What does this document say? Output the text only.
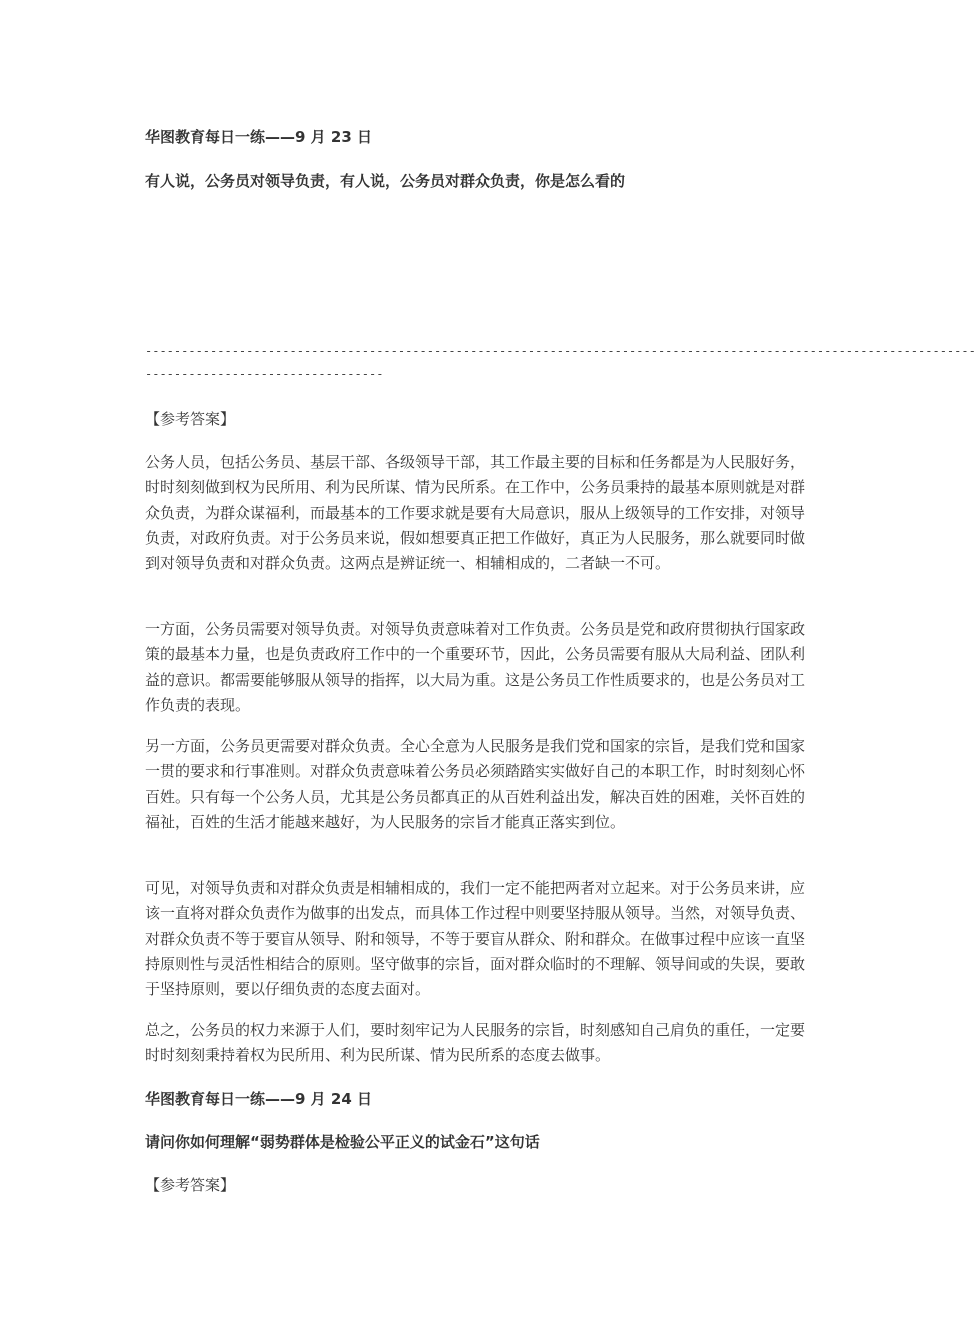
华图教育每日一练——9 月 23 日
有人说，公务员对领导负责，有人说，公务员对群众负责，你是怎么看的
-------------------------------------------------------------------------------------------------------------------
---------------------------------
【参考答案】

公务人员，包括公务员、基层干部、各级领导干部，其工作最主要的目标和任务都是为人民服好务，时时刻刻做到权为民所用、利为民所谋、情为民所系。在工作中，公务员秉持的最基本原则就是对群众负责，为群众谋福利，而最基本的工作要求就是要有大局意识，服从上级领导的工作安排，对领导负责，对政府负责。对于公务员来说，假如想要真正把工作做好，真正为人民服务，那么就要同时做到对领导负责和对群众负责。这两点是辨证统一、相辅相成的，二者缺一不可。

一方面，公务员需要对领导负责。对领导负责意味着对工作负责。公务员是党和政府贯彻执行国家政策的最基本力量，也是负责政府工作中的一个重要环节，因此，公务员需要有服从大局利益、团队利益的意识。都需要能够服从领导的指挥，以大局为重。这是公务员工作性质要求的，也是公务员对工作负责的表现。

另一方面，公务员更需要对群众负责。全心全意为人民服务是我们党和国家的宗旨，是我们党和国家一贯的要求和行事准则。对群众负责意味着公务员必须踏踏实实做好自己的本职工作，时时刻刻心怀百姓。只有每一个公务人员，尤其是公务员都真正的从百姓利益出发，解决百姓的困难，关怀百姓的福祉，百姓的生活才能越来越好，为人民服务的宗旨才能真正落实到位。

可见，对领导负责和对群众负责是相辅相成的，我们一定不能把两者对立起来。对于公务员来讲，应该一直将对群众负责作为做事的出发点，而具体工作过程中则要坚持服从领导。当然，对领导负责、对群众负责不等于要盲从领导、附和领导，不等于要盲从群众、附和群众。在做事过程中应该一直坚持原则性与灵活性相结合的原则。坚守做事的宗旨，面对群众临时的不理解、领导间或的失误，要敢于坚持原则，要以仔细负责的态度去面对。

总之，公务员的权力来源于人们，要时刻牢记为人民服务的宗旨，时刻感知自己肩负的重任，一定要时时刻刻秉持着权为民所用、利为民所谋、情为民所系的态度去做事。

华图教育每日一练——9 月 24 日
请问你如何理解“弱势群体是检验公平正义的试金石”这句话
【参考答案】
